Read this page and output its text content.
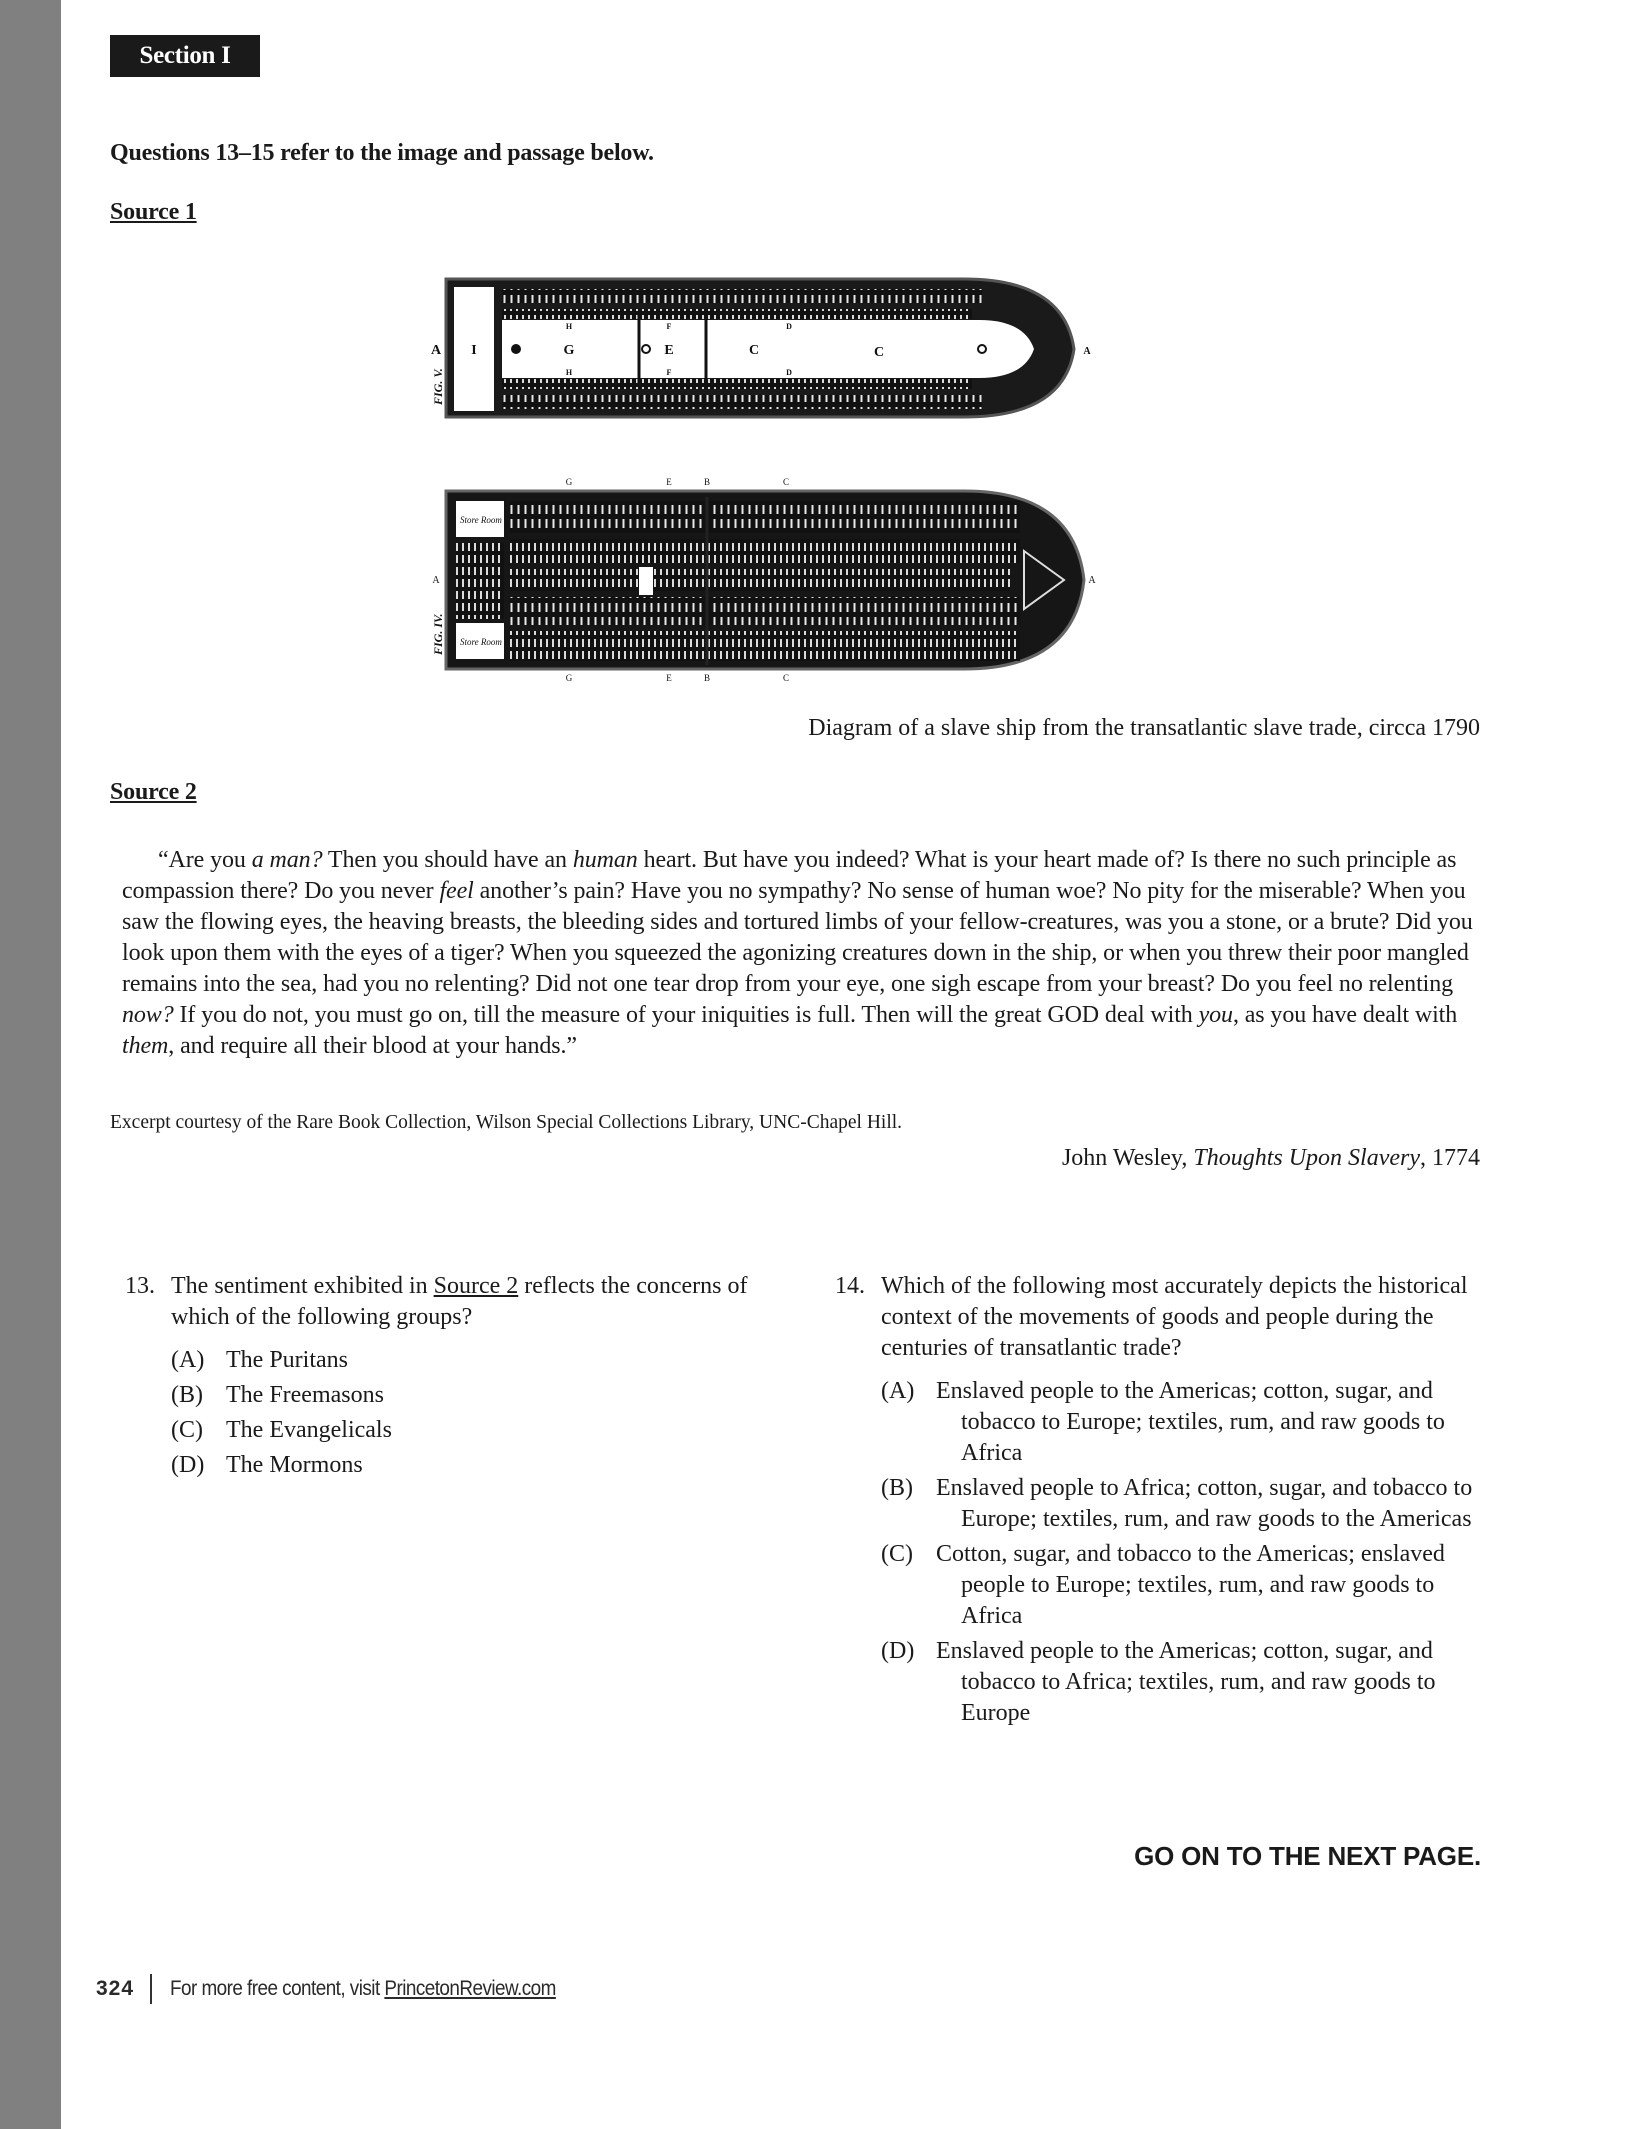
Section I
Questions 13–15 refer to the image and passage below.
Source 1
A I	G
H
H
E
F
F
C	C
D
D
A
FIG. V.
Store Room
Store Room
G	E	B	C
A	A
G	E	B	C
FIG. IV.
Diagram of a slave ship from the transatlantic slave trade, circca 1790
Source 2
“Are you a man? Then you should have an human heart. But have you indeed? What is your heart made of? Is there no such principle as compassion there? Do you never feel another’s pain? Have you no sympathy? No sense of human woe? No pity for the miserable? When you saw the flowing eyes, the heaving breasts, the bleeding sides and tortured limbs of your fellow-creatures, was you a stone, or a brute? Did you look upon them with the eyes of a tiger? When you squeezed the agonizing creatures down in the ship, or when you threw their poor mangled remains into the sea, had you no relenting? Did not one tear drop from your eye, one sigh escape from your breast? Do you feel no relenting now? If you do not, you must go on, till the measure of your iniquities is full. Then will the great GOD deal with you, as you have dealt with them, and require all their blood at your hands.”
Excerpt courtesy of the Rare Book Collection, Wilson Special Collections Library, UNC-Chapel Hill.
John Wesley, Thoughts Upon Slavery, 1774
13. The sentiment exhibited in Source 2 reflects the concerns of which of the following groups?
(A) The Puritans
(B) The Freemasons
(C) The Evangelicals
(D) The Mormons
14. Which of the following most accurately depicts the historical context of the movements of goods and people during the centuries of transatlantic trade?
(A) Enslaved people to the Americas; cotton, sugar, and tobacco to Europe; textiles, rum, and raw goods to Africa
(B) Enslaved people to Africa; cotton, sugar, and tobacco to Europe; textiles, rum, and raw goods to the Americas
(C) Cotton, sugar, and tobacco to the Americas; enslaved people to Europe; textiles, rum, and raw goods to Africa
(D) Enslaved people to the Americas; cotton, sugar, and tobacco to Africa; textiles, rum, and raw goods to Europe
GO ON TO THE NEXT PAGE.
324 For more free content, visit PrincetonReview.com
